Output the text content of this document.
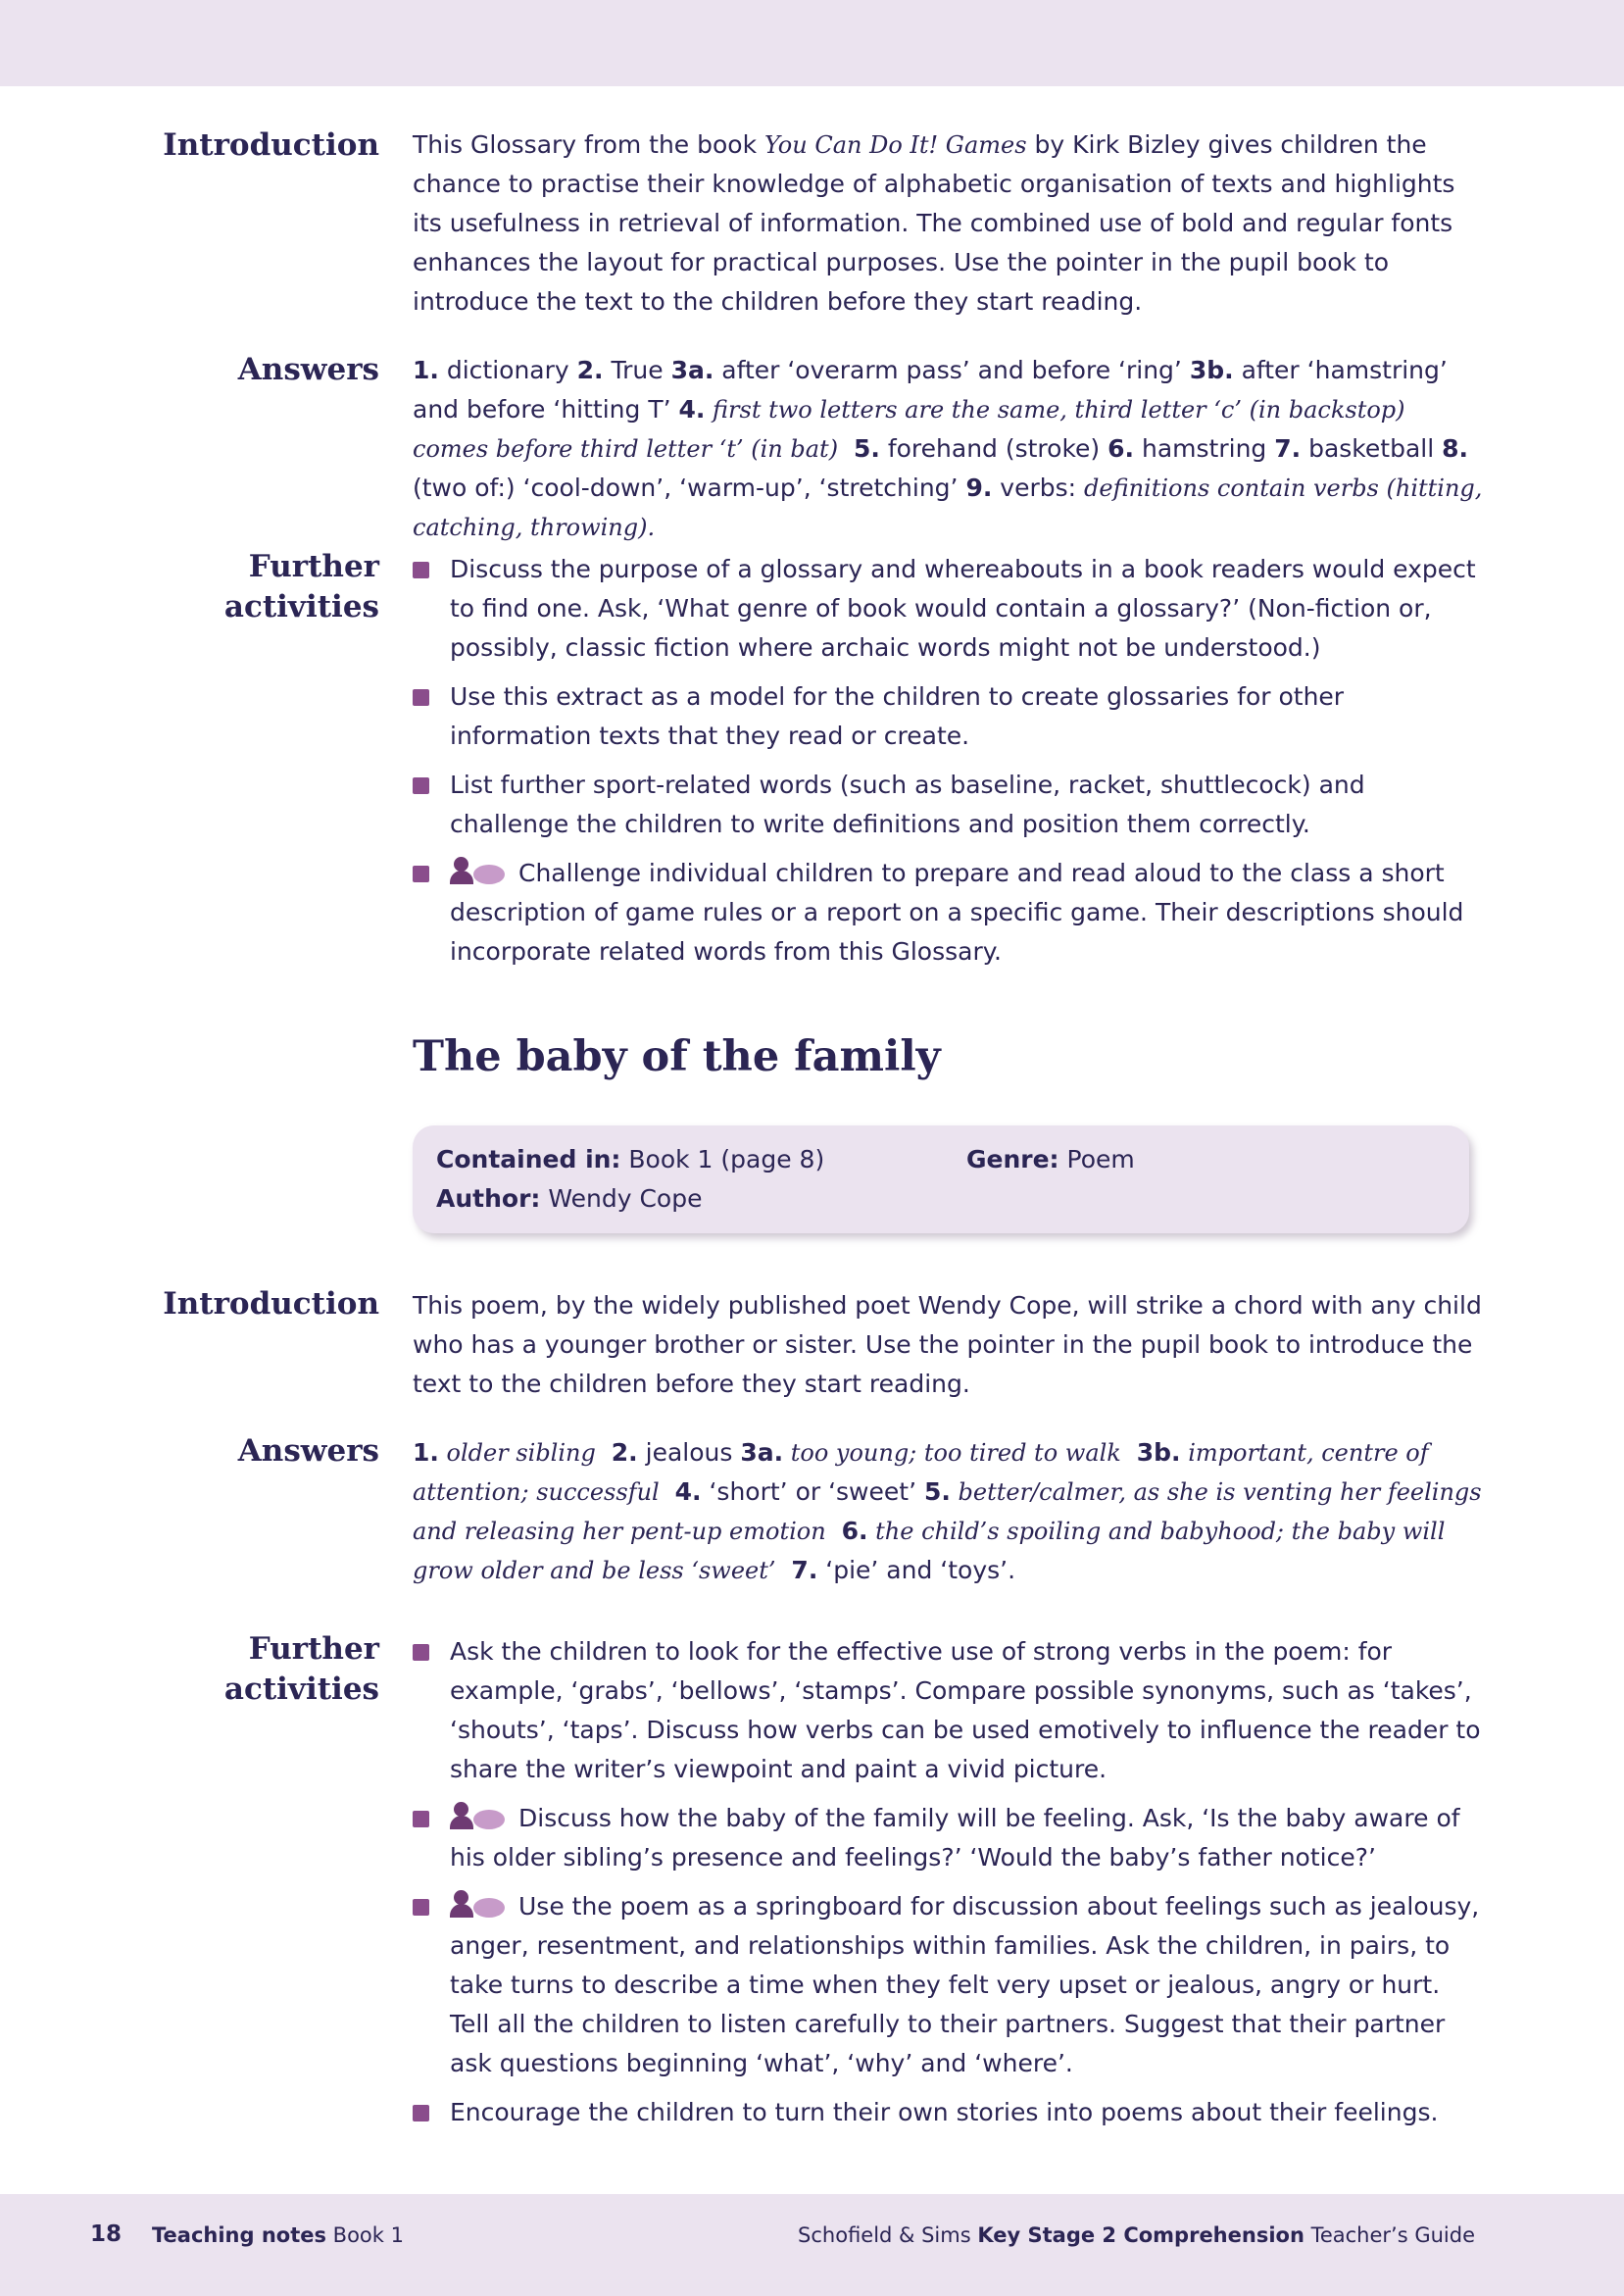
Introduction This Glossary from the book You Can Do It! Games by Kirk Bizley gives children the chance to practise their knowledge of alphabetic organisation of texts and highlights its usefulness in retrieval of information. The combined use of bold and regular fonts enhances the layout for practical purposes. Use the pointer in the pupil book to introduce the text to the children before they start reading.

Answers 1. dictionary 2. True 3a. after ‘overarm pass’ and before ‘ring’ 3b. after ‘hamstring’ and before ‘hitting T’ 4. first two letters are the same, third letter ‘c’ (in backstop) comes before third letter ‘t’ (in bat) 5. forehand (stroke) 6. hamstring 7. basketball 8. (two of:) ‘cool-down’, ‘warm-up’, ‘stretching’ 9. verbs: definitions contain verbs (hitting, catching, throwing).

Further
activities
Discuss the purpose of a glossary and whereabouts in a book readers would expect to find one. Ask, ‘What genre of book would contain a glossary?’ (Non-fiction or, possibly, classic fiction where archaic words might not be understood.)
Use this extract as a model for the children to create glossaries for other information texts that they read or create.
List further sport-related words (such as baseline, racket, shuttlecock) and challenge the children to write definitions and position them correctly.
Challenge individual children to prepare and read aloud to the class a short description of game rules or a report on a specific game. Their descriptions should incorporate related words from this Glossary.
The baby of the family
Contained in: Book 1 (page 8)	Genre: Poem
Author: Wendy Cope
Introduction This poem, by the widely published poet Wendy Cope, will strike a chord with any child who has a younger brother or sister. Use the pointer in the pupil book to introduce the text to the children before they start reading.

Answers 1. older sibling 2. jealous 3a. too young; too tired to walk 3b. important, centre of attention; successful 4. ‘short’ or ‘sweet’ 5. better/calmer, as she is venting her feelings and releasing her pent-up emotion 6. the child’s spoiling and babyhood; the baby will grow older and be less ‘sweet’ 7. ‘pie’ and ‘toys’.

Further
activities
Ask the children to look for the effective use of strong verbs in the poem: for example, ‘grabs’, ‘bellows’, ‘stamps’. Compare possible synonyms, such as ‘takes’, ‘shouts’, ‘taps’. Discuss how verbs can be used emotively to influence the reader to share the writer’s viewpoint and paint a vivid picture.
Discuss how the baby of the family will be feeling. Ask, ‘Is the baby aware of his older sibling’s presence and feelings?’ ‘Would the baby’s father notice?’
Use the poem as a springboard for discussion about feelings such as jealousy, anger, resentment, and relationships within families. Ask the children, in pairs, to take turns to describe a time when they felt very upset or jealous, angry or hurt. Tell all the children to listen carefully to their partners. Suggest that their partner ask questions beginning ‘what’, ‘why’ and ‘where’.
Encourage the children to turn their own stories into poems about their feelings.
18 Teaching notes Book 1	Schofield & Sims Key Stage 2 Comprehension Teacher’s Guide
